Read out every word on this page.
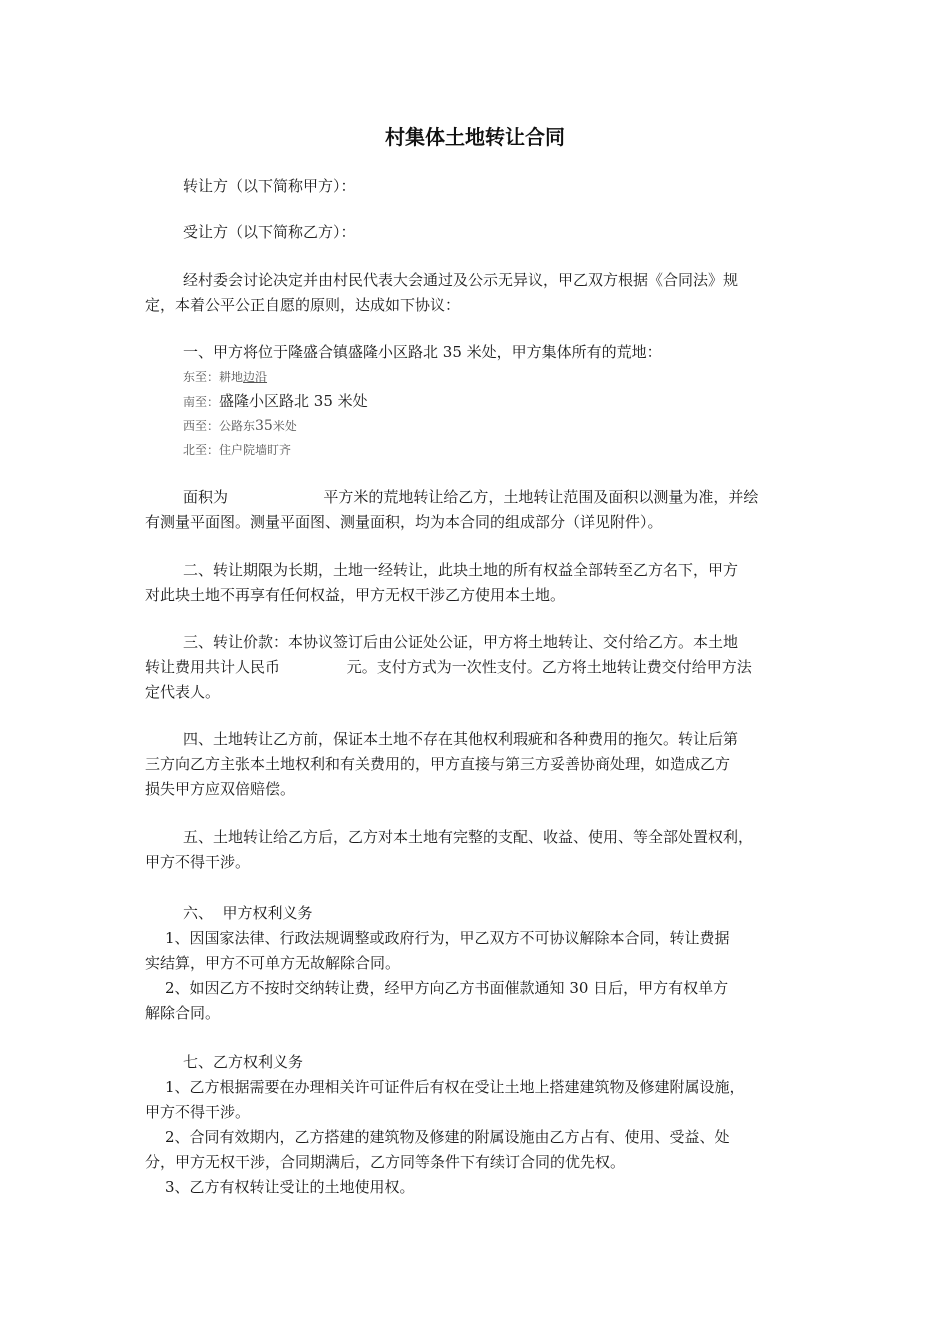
村集体土地转让合同
转让方（以下简称甲方）：
受让方（以下简称乙方）：
经村委会讨论决定并由村民代表大会通过及公示无异议，甲乙双方根据《合同法》规
定，本着公平公正自愿的原则，达成如下协议：
一、甲方将位于隆盛合镇盛隆小区路北 35 米处，甲方集体所有的荒地：
东至：耕地边沿
南至：盛隆小区路北 35 米处
西至：公路东35米处
北至：住户院墙盯齐
面积为                    平方米的荒地转让给乙方，土地转让范围及面积以测量为准，并绘
有测量平面图。测量平面图、测量面积，均为本合同的组成部分（详见附件）。
二、转让期限为长期，土地一经转让，此块土地的所有权益全部转至乙方名下，甲方
对此块土地不再享有任何权益，甲方无权干涉乙方使用本土地。
三、转让价款：本协议签订后由公证处公证，甲方将土地转让、交付给乙方。本土地
转让费用共计人民币              元。支付方式为一次性支付。乙方将土地转让费交付给甲方法
定代表人。
四、土地转让乙方前，保证本土地不存在其他权利瑕疵和各种费用的拖欠。转让后第
三方向乙方主张本土地权利和有关费用的，甲方直接与第三方妥善协商处理，如造成乙方
损失甲方应双倍赔偿。
五、土地转让给乙方后，乙方对本土地有完整的支配、收益、使用、等全部处置权利，
甲方不得干涉。
六、  甲方权利义务
1、因国家法律、行政法规调整或政府行为，甲乙双方不可协议解除本合同，转让费据
实结算，甲方不可单方无故解除合同。
2、如因乙方不按时交纳转让费，经甲方向乙方书面催款通知 30 日后，甲方有权单方
解除合同。
七、乙方权利义务
1、乙方根据需要在办理相关许可证件后有权在受让土地上搭建建筑物及修建附属设施，
甲方不得干涉。
2、合同有效期内，乙方搭建的建筑物及修建的附属设施由乙方占有、使用、受益、处
分，甲方无权干涉，合同期满后，乙方同等条件下有续订合同的优先权。
3、乙方有权转让受让的土地使用权。
